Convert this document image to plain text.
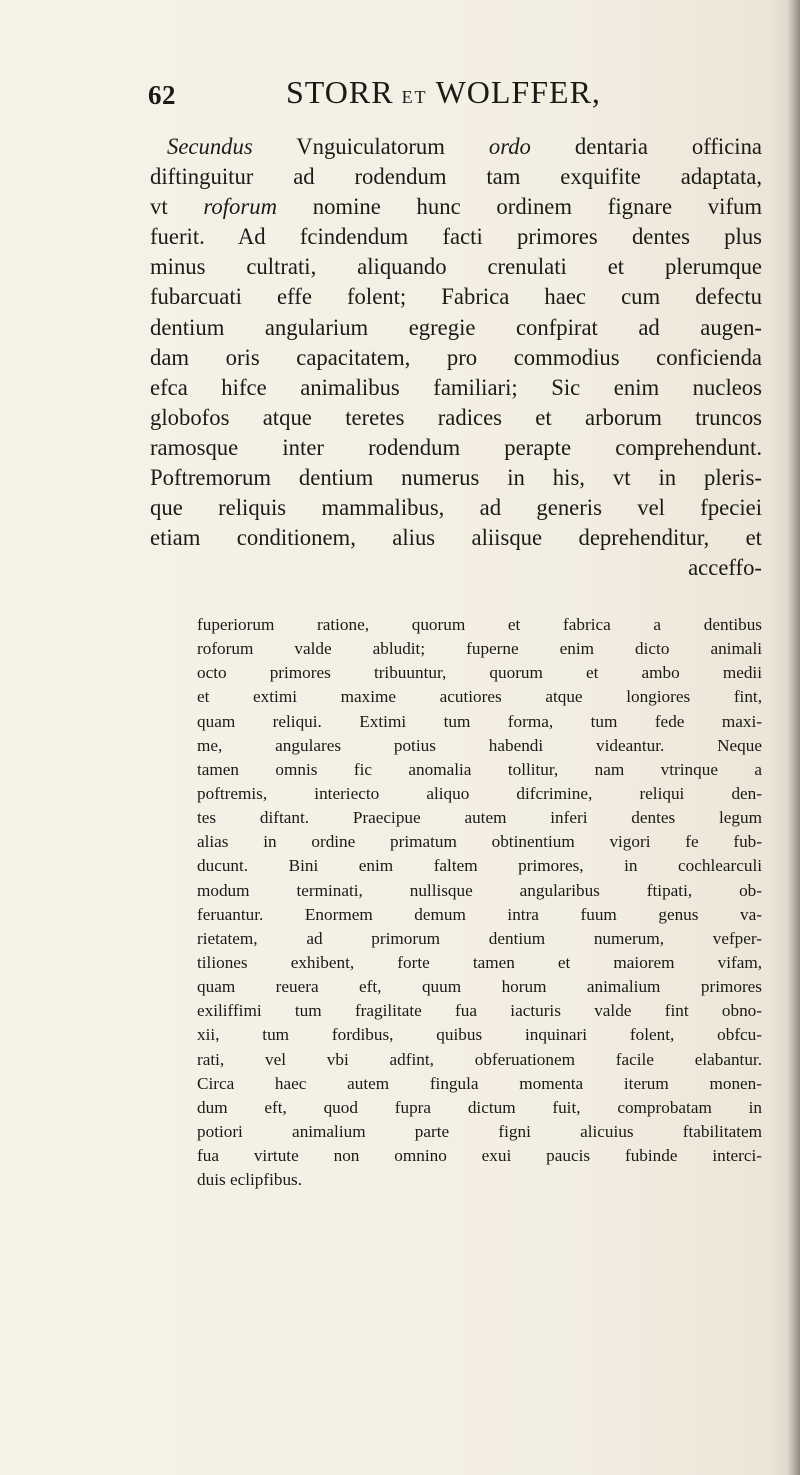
62	STORR ET WOLFFER,
Secundus Vnguiculatorum ordo dentaria officina
diftinguitur ad rodendum tam exquifite adaptata,
vt roforum nomine hunc ordinem fignare vifum
fuerit. Ad fcindendum facti primores dentes plus
minus cultrati, aliquando crenulati et plerumque
fubarcuati effe folent; Fabrica haec cum defectu
dentium angularium egregie confpirat ad augen-
dam oris capacitatem, pro commodius conficienda
efca hifce animalibus familiari; Sic enim nucleos
globofos atque teretes radices et arborum truncos
ramosque inter rodendum perapte comprehendunt.
Poftremorum dentium numerus in his, vt in pleris-
que reliquis mammalibus, ad generis vel fpeciei
etiam conditionem, alius aliisque deprehenditur, et
acceffo-
fuperiorum ratione, quorum et fabrica a dentibus
roforum valde abludit; fuperne enim dicto animali
octo primores tribuuntur, quorum et ambo medii
et extimi maxime acutiores atque longiores fint,
quam reliqui. Extimi tum forma, tum fede maxi-
me, angulares potius habendi videantur. Neque
tamen omnis fic anomalia tollitur, nam vtrinque a
poftremis, interiecto aliquo difcrimine, reliqui den-
tes diftant. Praecipue autem inferi dentes legum
alias in ordine primatum obtinentium vigori fe fub-
ducunt. Bini enim faltem primores, in cochlearculi
modum terminati, nullisque angularibus ftipati, ob-
feruantur. Enormem demum intra fuum genus va-
rietatem, ad primorum dentium numerum, vefper-
tiliones exhibent, forte tamen et maiorem vifam,
quam reuera eft, quum horum animalium primores
exiliffimi tum fragilitate fua iacturis valde fint obno-
xii, tum fordibus, quibus inquinari folent, obfcu-
rati, vel vbi adfint, obferuationem facile elabantur.
Circa haec autem fingula momenta iterum monen-
dum eft, quod fupra dictum fuit, comprobatam in
potiori animalium parte figni alicuius ftabilitatem
fua virtute non omnino exui paucis fubinde interci-
duis eclipfibus.
